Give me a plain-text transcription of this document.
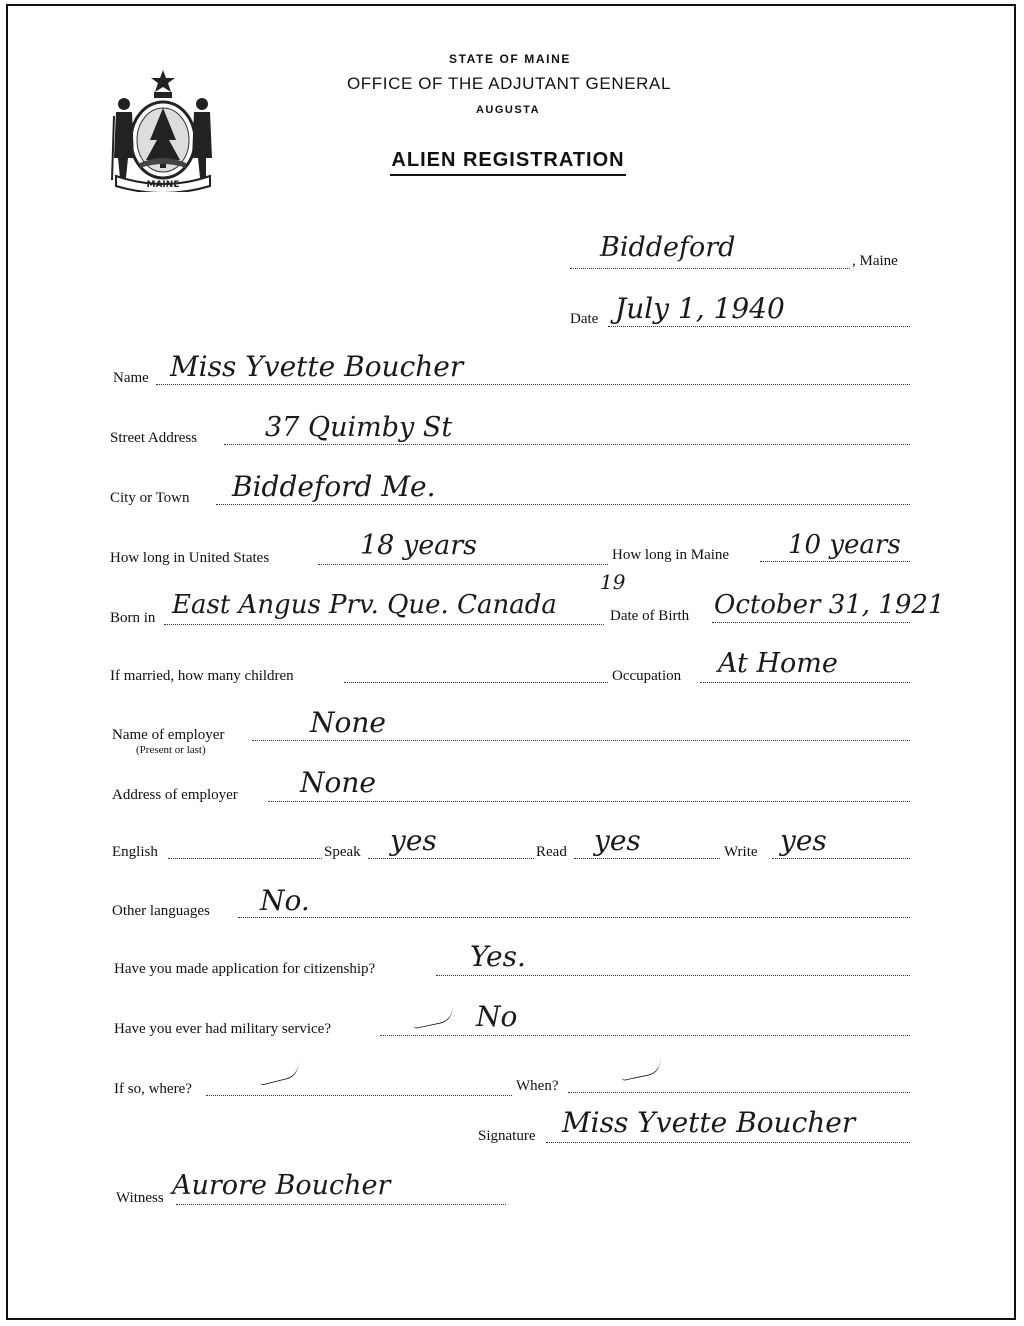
MAINE
STATE OF MAINE
OFFICE OF THE ADJUTANT GENERAL
AUGUSTA
ALIEN REGISTRATION
Biddeford	, Maine
Date July 1, 1940
Name Miss Yvette Boucher
Street Address	37 Quimby St
City or Town Biddeford Me.
How long in United States	18 years	How long in Maine 10 years
Born in East Angus Prv. Que. Canada
19
Date of Birth October 31, 1921
If married, how many children	Occupation At Home
Name of employer
(Present or last)
None
Address of employer None
English	Speak yes	Read yes	Write yes
Other languages No.
Have you made application for citizenship?	Yes.
Have you ever had military service?	No
If so, where?	When?
Signature Miss Yvette Boucher
Witness Aurore Boucher
